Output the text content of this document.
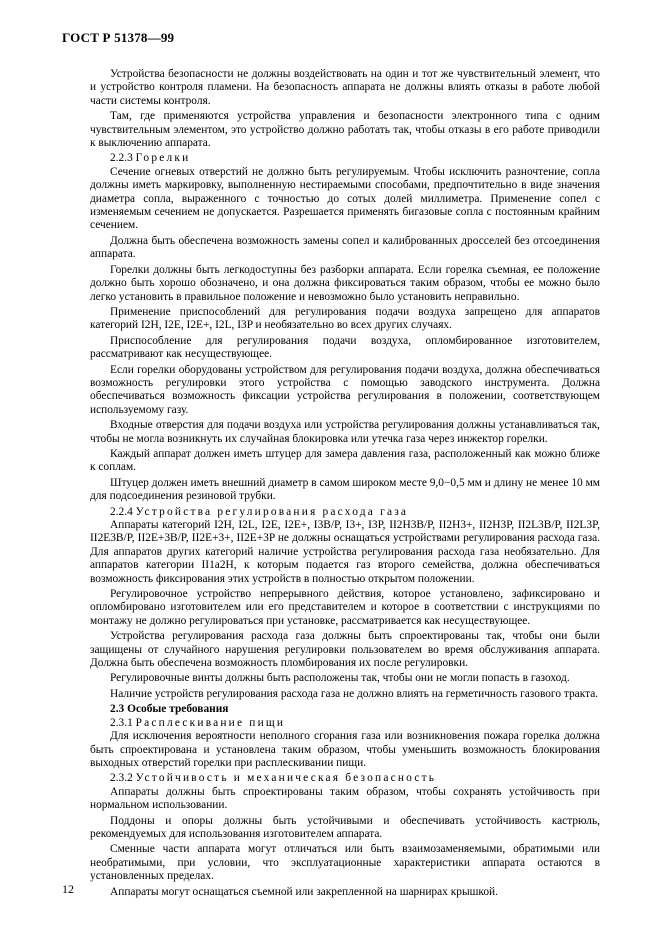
ГОСТ Р 51378—99
Устройства безопасности не должны воздействовать на один и тот же чувствительный элемент, что и устройство контроля пламени. На безопасность аппарата не должны влиять отказы в работе любой части системы контроля.
Там, где применяются устройства управления и безопасности электронного типа с одним чувствительным элементом, это устройство должно работать так, чтобы отказы в его работе приводили к выключению аппарата.
2.2.3 Горелки
Сечение огневых отверстий не должно быть регулируемым. Чтобы исключить разночтение, сопла должны иметь маркировку, выполненную нестираемыми способами, предпочтительно в виде значения диаметра сопла, выраженного с точностью до сотых долей миллиметра. Применение сопел с изменяемым сечением не допускается. Разрешается применять бигазовые сопла с постоянным крайним сечением.
Должна быть обеспечена возможность замены сопел и калиброванных дросселей без отсоединения аппарата.
Горелки должны быть легкодоступны без разборки аппарата. Если горелка съемная, ее положение должно быть хорошо обозначено, и она должна фиксироваться таким образом, чтобы ее можно было легко установить в правильное положение и невозможно было установить неправильно.
Применение приспособлений для регулирования подачи воздуха запрещено для аппаратов категорий I2H, I2E, I2E+, I2L, I3P и необязательно во всех других случаях.
Приспособление для регулирования подачи воздуха, опломбированное изготовителем, рассматривают как несуществующее.
Если горелки оборудованы устройством для регулирования подачи воздуха, должна обеспечиваться возможность регулировки этого устройства с помощью заводского инструмента. Должна обеспечиваться возможность фиксации устройства регулирования в положении, соответствующем используемому газу.
Входные отверстия для подачи воздуха или устройства регулирования должны устанавливаться так, чтобы не могла возникнуть их случайная блокировка или утечка газа через инжектор горелки.
Каждый аппарат должен иметь штуцер для замера давления газа, расположенный как можно ближе к соплам.
Штуцер должен иметь внешний диаметр в самом широком месте 9,0−0,5 мм и длину не менее 10 мм для подсоединения резиновой трубки.
2.2.4 Устройства регулирования расхода газа
Аппараты категорий I2H, I2L, I2E, I2E+, I3B/P, I3+, I3P, II2H3B/P, II2H3+, II2H3P, II2L3B/P, II2L3P, II2E3B/P, II2E+3B/P, II2E+3+, II2E+3P не должны оснащаться устройствами регулирования расхода газа. Для аппаратов других категорий наличие устройства регулирования расхода газа необязательно. Для аппаратов категории II1a2H, к которым подается газ второго семейства, должна обеспечиваться возможность фиксирования этих устройств в полностью открытом положении.
Регулировочное устройство непрерывного действия, которое установлено, зафиксировано и опломбировано изготовителем или его представителем и которое в соответствии с инструкциями по монтажу не должно регулироваться при установке, рассматривается как несуществующее.
Устройства регулирования расхода газа должны быть спроектированы так, чтобы они были защищены от случайного нарушения регулировки пользователем во время обслуживания аппарата. Должна быть обеспечена возможность пломбирования их после регулировки.
Регулировочные винты должны быть расположены так, чтобы они не могли попасть в газоход.
Наличие устройств регулирования расхода газа не должно влиять на герметичность газового тракта.
2.3 Особые требования
2.3.1 Расплескивание пищи
Для исключения вероятности неполного сгорания газа или возникновения пожара горелка должна быть спроектирована и установлена таким образом, чтобы уменьшить возможность блокирования выходных отверстий горелки при расплескивании пищи.
2.3.2 Устойчивость и механическая безопасность
Аппараты должны быть спроектированы таким образом, чтобы сохранять устойчивость при нормальном использовании.
Поддоны и опоры должны быть устойчивыми и обеспечивать устойчивость кастрюль, рекомендуемых для использования изготовителем аппарата.
Сменные части аппарата могут отличаться или быть взаимозаменяемыми, обратимыми или необратимыми, при условии, что эксплуатационные характеристики аппарата остаются в установленных пределах.
Аппараты могут оснащаться съемной или закрепленной на шарнирах крышкой.
12
